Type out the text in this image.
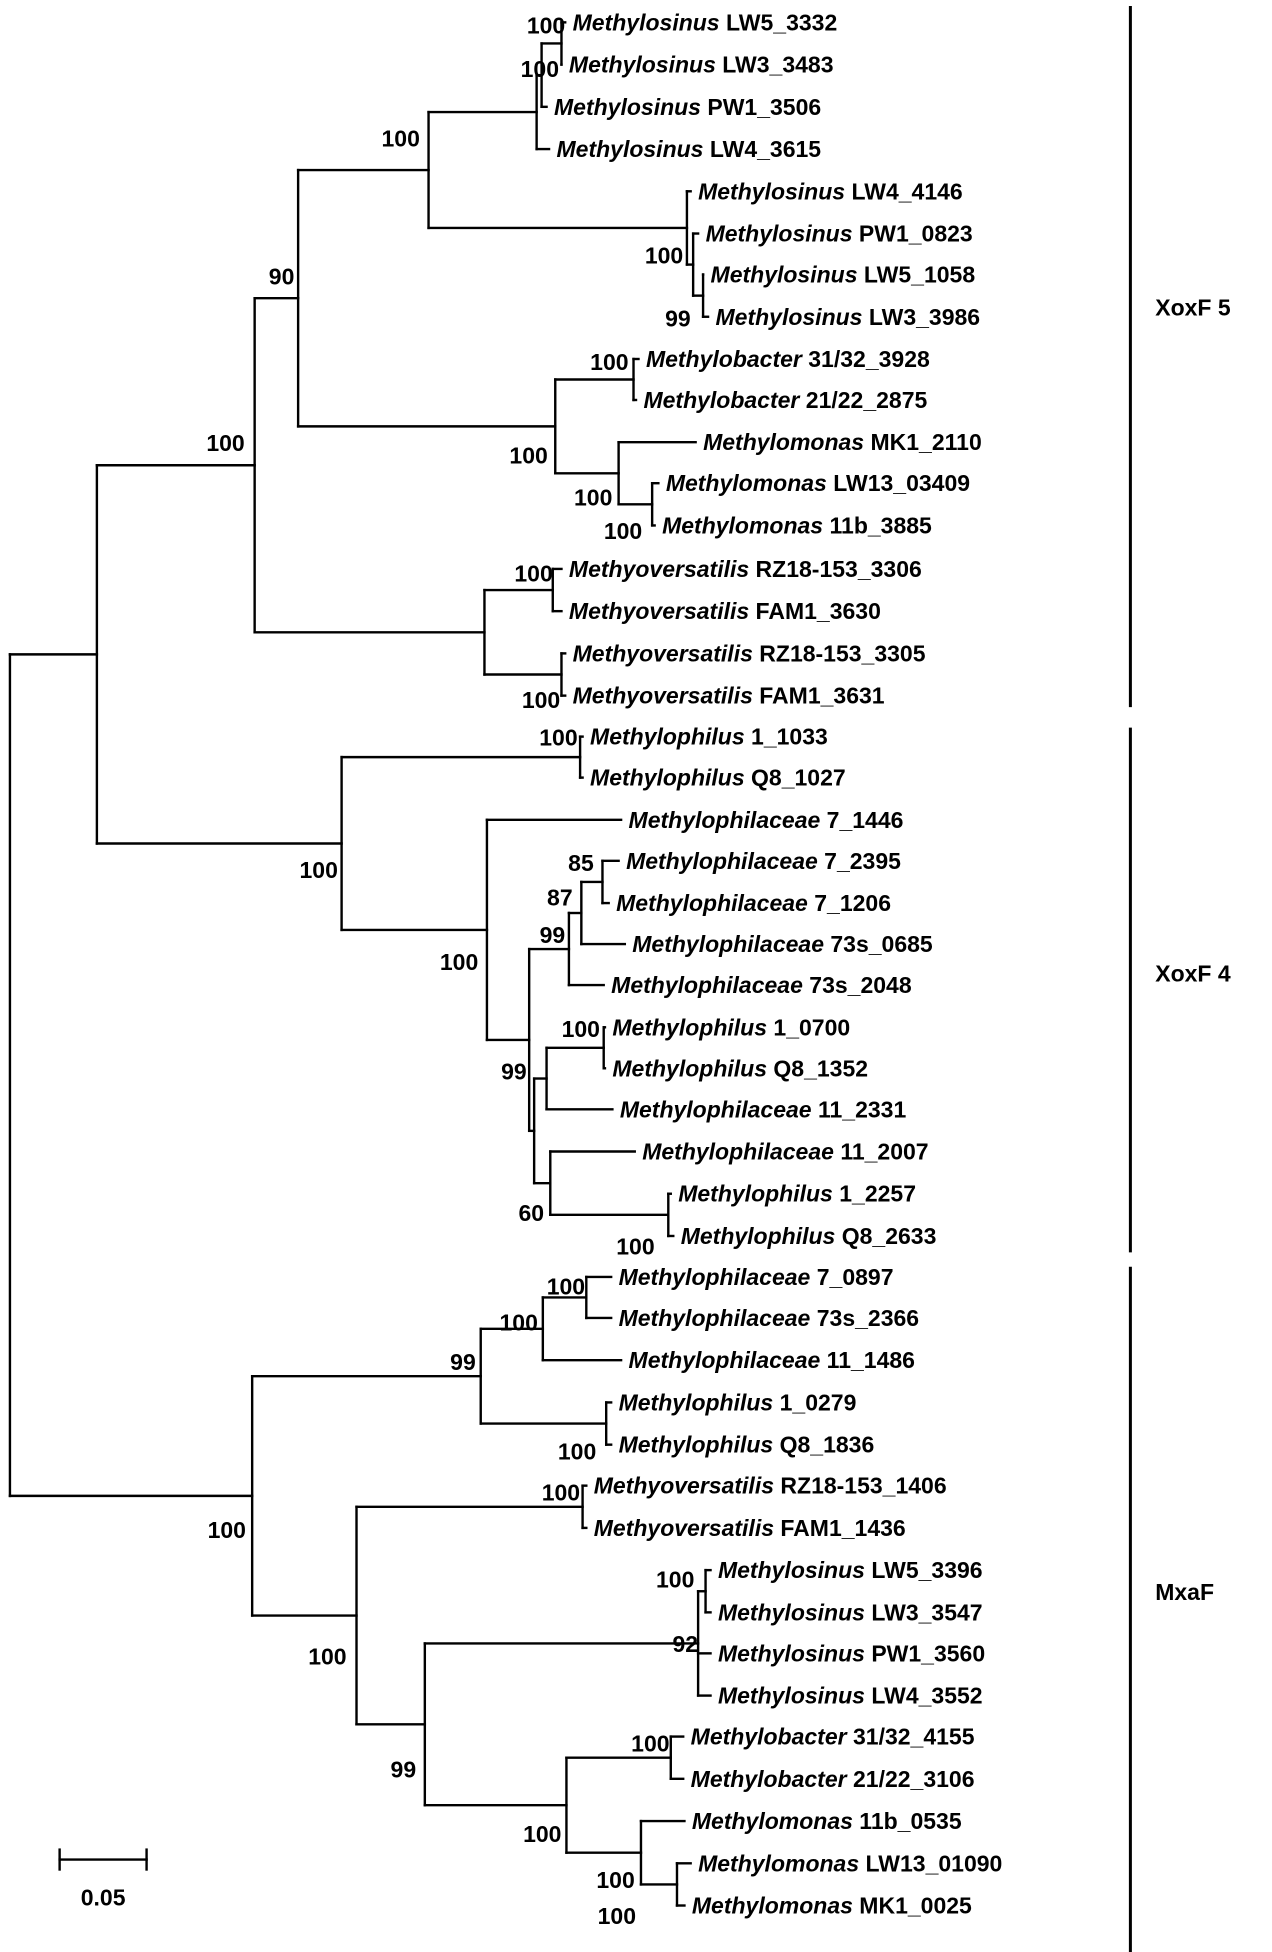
Methylosinus LW5_3332
Methylosinus LW3_3483
Methylosinus PW1_3506
Methylosinus LW4_3615
Methylosinus LW4_4146
Methylosinus PW1_0823
Methylosinus LW5_1058
Methylosinus LW3_3986
Methylobacter 31/32_3928
Methylobacter 21/22_2875
Methylomonas MK1_2110
Methylomonas LW13_03409
Methylomonas 11b_3885
Methyoversatilis RZ18-153_3306
Methyoversatilis FAM1_3630
Methyoversatilis RZ18-153_3305
Methyoversatilis FAM1_3631
Methylophilus 1_1033
Methylophilus Q8_1027
Methylophilaceae 7_1446
Methylophilaceae 7_2395
Methylophilaceae 7_1206
Methylophilaceae 73s_0685
Methylophilaceae 73s_2048
Methylophilus 1_0700
Methylophilus Q8_1352
Methylophilaceae 11_2331
Methylophilaceae 11_2007
Methylophilus 1_2257
Methylophilus Q8_2633
Methylophilaceae 7_0897
Methylophilaceae 73s_2366
Methylophilaceae 11_1486
Methylophilus 1_0279
Methylophilus Q8_1836
Methyoversatilis RZ18-153_1406
Methyoversatilis FAM1_1436
Methylosinus LW5_3396
Methylosinus LW3_3547
Methylosinus PW1_3560
Methylosinus LW4_3552
Methylobacter 31/32_4155
Methylobacter 21/22_3106
Methylomonas 11b_0535
Methylomonas LW13_01090
Methylomonas MK1_0025
100
100
100
100
99
90
100
100
100
100
100
100
100
100
100
100
85
87
99
100
100
99
60
100
100
99
100
100
100
100
92
100
100
99
100
100
100
XoxF 5
XoxF 4
MxaF
0.05
